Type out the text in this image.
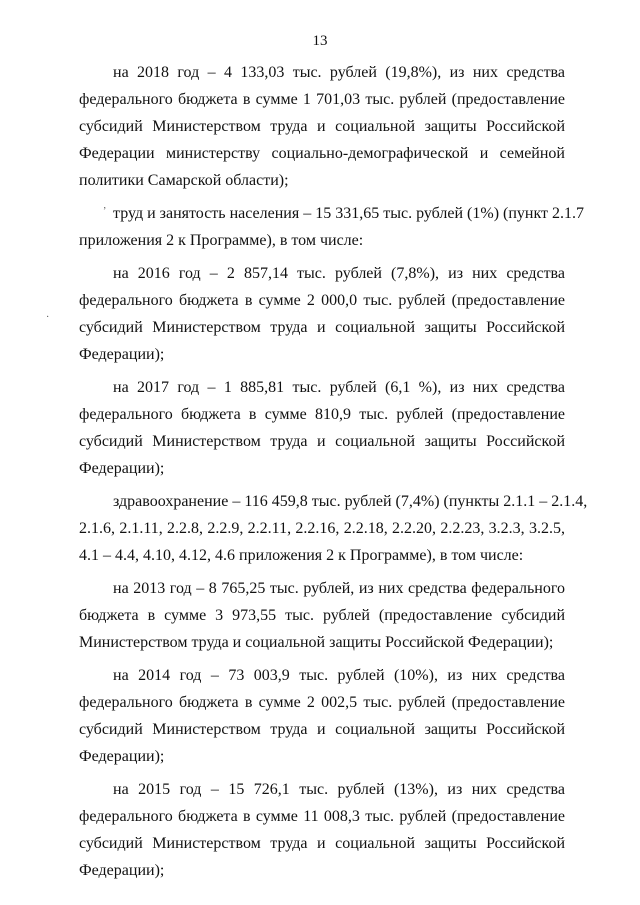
13

на 2018 год – 4 133,03 тыс. рублей (19,8%), из них средства
федерального бюджета в сумме 1 701,03 тыс. рублей (предоставление
субсидий Министерством труда и социальной защиты Российской
Федерации министерству социально-демографической и семейной
политики Самарской области);

труд и занятость населения – 15 331,65 тыс. рублей (1%) (пункт 2.1.7
приложения 2 к Программе), в том числе:

на 2016 год – 2 857,14 тыс. рублей (7,8%), из них средства
федерального бюджета в сумме 2 000,0 тыс. рублей (предоставление
субсидий Министерством труда и социальной защиты Российской
Федерации);

на 2017 год – 1 885,81 тыс. рублей (6,1 %), из них средства
федерального бюджета в сумме 810,9 тыс. рублей (предоставление
субсидий Министерством труда и социальной защиты Российской
Федерации);

здравоохранение – 116 459,8 тыс. рублей (7,4%) (пункты 2.1.1 – 2.1.4,
2.1.6, 2.1.11, 2.2.8, 2.2.9, 2.2.11, 2.2.16, 2.2.18, 2.2.20, 2.2.23, 3.2.3, 3.2.5,
4.1 – 4.4, 4.10, 4.12, 4.6 приложения 2 к Программе), в том числе:

на 2013 год – 8 765,25 тыс. рублей, из них средства федерального
бюджета в сумме 3 973,55 тыс. рублей (предоставление субсидий
Министерством труда и социальной защиты Российской Федерации);

на 2014 год – 73 003,9 тыс. рублей (10%), из них средства
федерального бюджета в сумме 2 002,5 тыс. рублей (предоставление
субсидий Министерством труда и социальной защиты Российской
Федерации);

на 2015 год – 15 726,1 тыс. рублей (13%), из них средства
федерального бюджета в сумме 11 008,3 тыс. рублей (предоставление
субсидий Министерством труда и социальной защиты Российской
Федерации);

’
·
